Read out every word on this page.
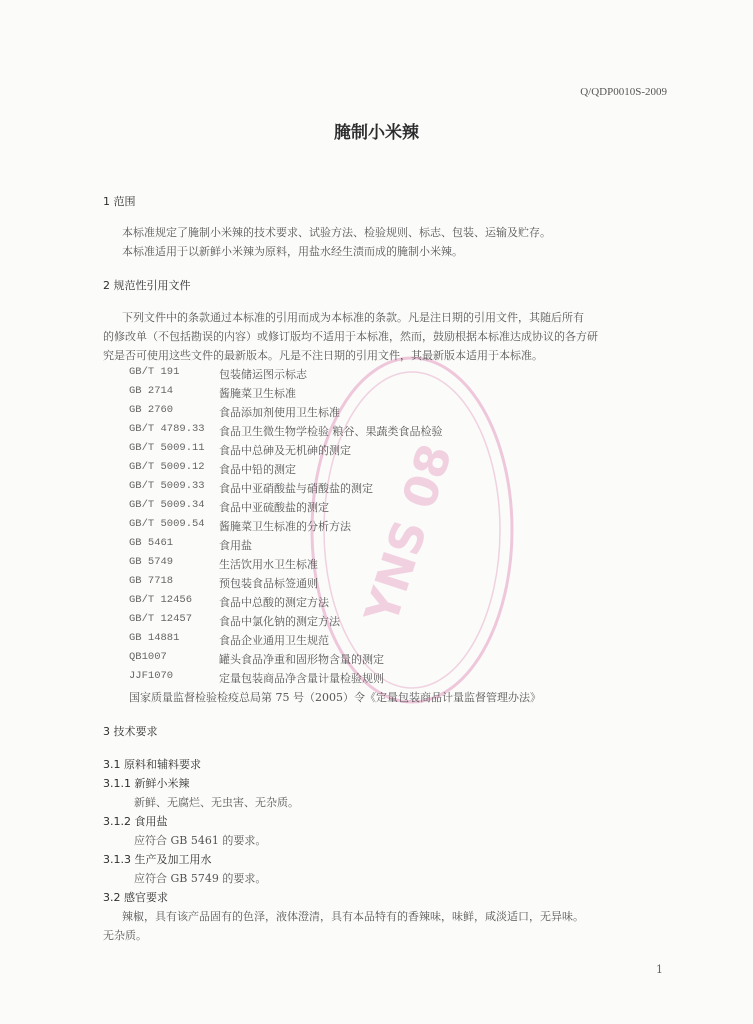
YNS 08
Q/QDP0010S-2009
腌制小米辣
1 范围
本标准规定了腌制小米辣的技术要求、试验方法、检验规则、标志、包装、运输及贮存。
本标准适用于以新鲜小米辣为原料，用盐水经生渍而成的腌制小米辣。
2 规范性引用文件
下列文件中的条款通过本标准的引用而成为本标准的条款。凡是注日期的引用文件，其随后所有
的修改单（不包括勘误的内容）或修订版均不适用于本标准，然而，鼓励根据本标准达成协议的各方研
究是否可使用这些文件的最新版本。凡是不注日期的引用文件，其最新版本适用于本标准。
GB/T 191	包装储运图示标志
GB 2714	酱腌菜卫生标准
GB 2760	食品添加剂使用卫生标准
GB/T 4789.33 食品卫生微生物学检验 粮谷、果蔬类食品检验
GB/T 5009.11 食品中总砷及无机砷的测定
GB/T 5009.12 食品中铅的测定
GB/T 5009.33 食品中亚硝酸盐与硝酸盐的测定
GB/T 5009.34 食品中亚硫酸盐的测定
GB/T 5009.54 酱腌菜卫生标准的分析方法
GB 5461	食用盐
GB 5749	生活饮用水卫生标准
GB 7718	预包装食品标签通则
GB/T 12456 食品中总酸的测定方法
GB/T 12457 食品中氯化钠的测定方法
GB 14881	食品企业通用卫生规范
QB1007	罐头食品净重和固形物含量的测定
JJF1070	定量包装商品净含量计量检验规则
国家质量监督检验检疫总局第 75 号（2005）令《定量包装商品计量监督管理办法》
3 技术要求
3.1 原料和辅料要求
3.1.1 新鲜小米辣
新鲜、无腐烂、无虫害、无杂质。
3.1.2 食用盐
应符合 GB 5461 的要求。
3.1.3 生产及加工用水
应符合 GB 5749 的要求。
3.2 感官要求
辣椒，具有该产品固有的色泽，液体澄清，具有本品特有的香辣味，味鲜，咸淡适口，无异味。
无杂质。
1
